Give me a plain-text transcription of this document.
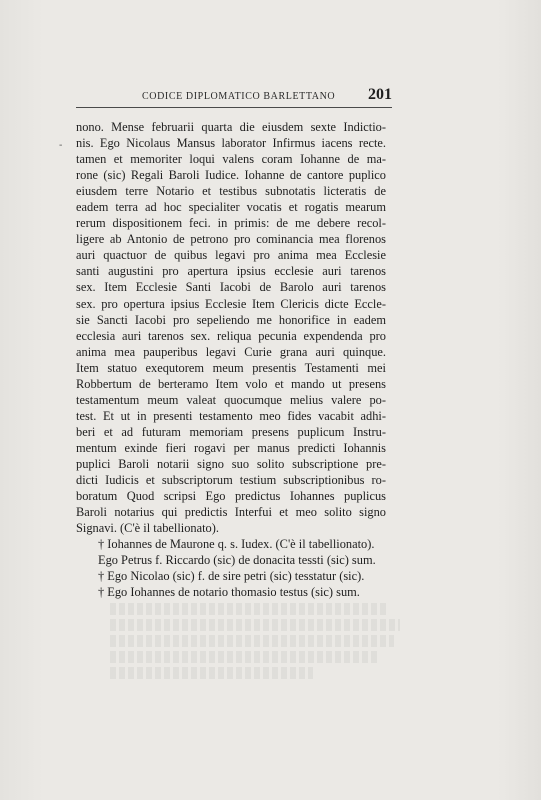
CODICE DIPLOMATICO BARLETTANO 201
-
nono. Mense februarii quarta die eiusdem sexte Indictio-
nis. Ego Nicolaus Mansus laborator Infirmus iacens recte.
tamen et memoriter loqui valens coram Iohanne de ma-
rone (sic) Regali Baroli Iudice. Iohanne de cantore puplico
eiusdem terre Notario et testibus subnotatis licteratis de
eadem terra ad hoc specialiter vocatis et rogatis mearum
rerum dispositionem feci. in primis: de me debere recol-
ligere ab Antonio de petrono pro cominancia mea florenos
auri quactuor de quibus legavi pro anima mea Ecclesie
santi augustini pro apertura ipsius ecclesie auri tarenos
sex. Item Ecclesie Santi Iacobi de Barolo auri tarenos
sex. pro opertura ipsius Ecclesie Item Clericis dicte Eccle-
sie Sancti Iacobi pro sepeliendo me honorifice in eadem
ecclesia auri tarenos sex. reliqua pecunia expendenda pro
anima mea pauperibus legavi Curie grana auri quinque.
Item statuo exequtorem meum presentis Testamenti mei
Robbertum de berteramo Item volo et mando ut presens
testamentum meum valeat quocumque melius valere po-
test. Et ut in presenti testamento meo fides vacabit adhi-
beri et ad futuram memoriam presens puplicum Instru-
mentum exinde fieri rogavi per manus predicti Iohannis
puplici Baroli notarii signo suo solito subscriptione pre-
dicti Iudicis et subscriptorum testium subscriptionibus ro-
boratum Quod scripsi Ego predictus Iohannes puplicus
Baroli notarius qui predictis Interfui et meo solito signo
Signavi. (C'è il tabellionato).
† Iohannes de Maurone q. s. Iudex. (C'è il tabellionato).
Ego Petrus f. Riccardo (sic) de donacita tessti (sic) sum.
† Ego Nicolao (sic) f. de sire petri (sic) tesstatur (sic).
† Ego Iohannes de notario thomasio testus (sic) sum.
